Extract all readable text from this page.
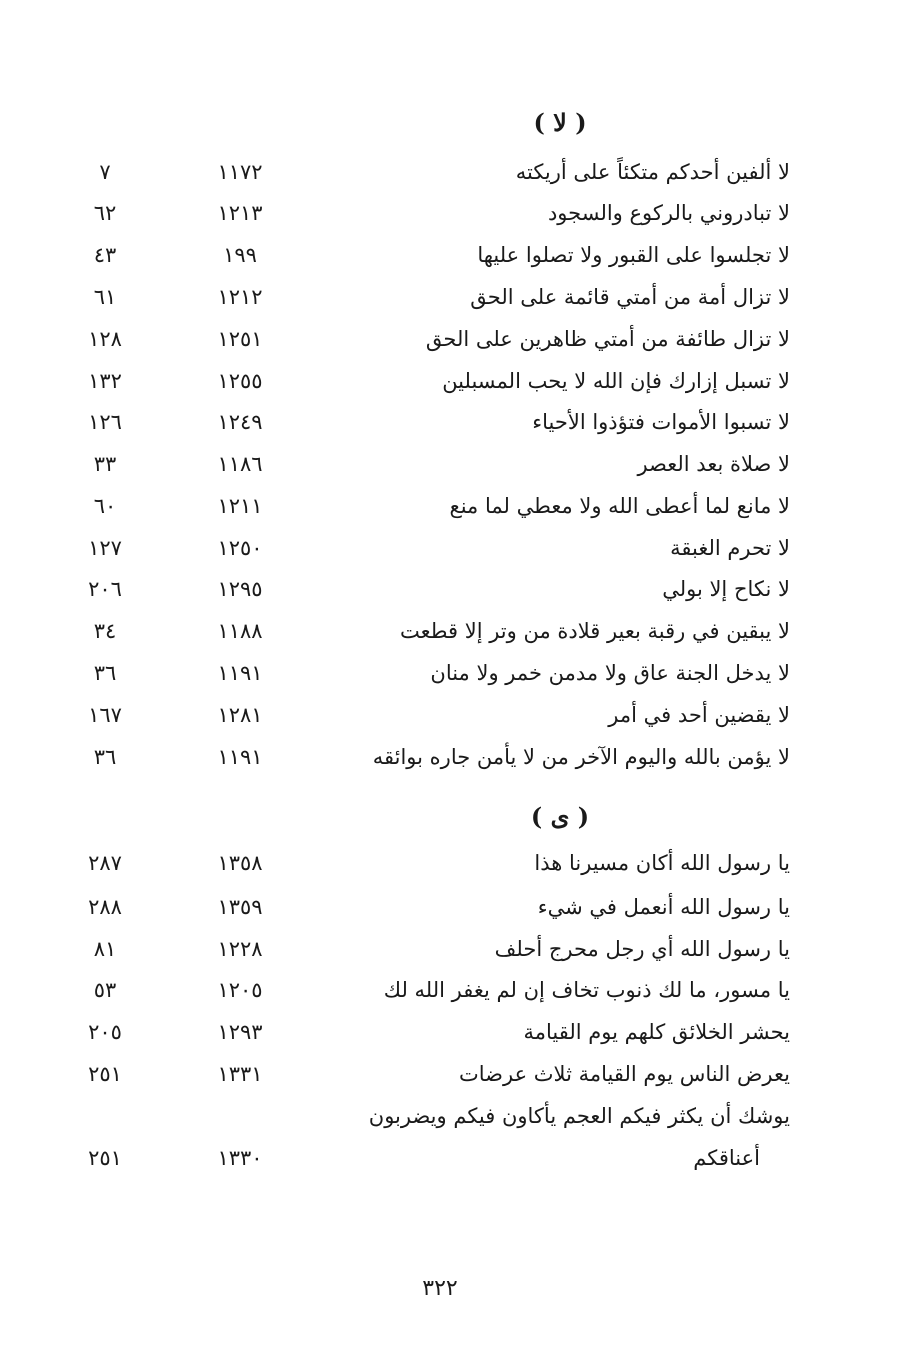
( لا )
لا ألفين أحدكم متكئاً على أريكته
١١٧٢
٧
لا تبادروني بالركوع والسجود
١٢١٣
٦٢
لا تجلسوا على القبور ولا تصلوا عليها
١٩٩
٤٣
لا تزال أمة من أمتي قائمة على الحق
١٢١٢
٦١
لا تزال طائفة من أمتي ظاهرين على الحق
١٢٥١
١٢٨
لا تسبل إزارك فإن الله لا يحب المسبلين
١٢٥٥
١٣٢
لا تسبوا الأموات فتؤذوا الأحياء
١٢٤٩
١٢٦
لا صلاة بعد العصر
١١٨٦
٣٣
لا مانع لما أعطى الله ولا معطي لما منع
١٢١١
٦٠
لا تحرم الغبقة
١٢٥٠
١٢٧
لا نكاح إلا بولي
١٢٩٥
٢٠٦
لا يبقين في رقبة بعير قلادة من وتر إلا قطعت
١١٨٨
٣٤
لا يدخل الجنة عاق ولا مدمن خمر ولا منان
١١٩١
٣٦
لا يقضين أحد في أمر
١٢٨١
١٦٧
لا يؤمن بالله واليوم الآخر من لا يأمن جاره بوائقه
١١٩١
٣٦
( ى )
يا رسول الله أكان مسيرنا هذا
١٣٥٨
٢٨٧
يا رسول الله أنعمل في شيء
١٣٥٩
٢٨٨
يا رسول الله أي رجل محرج أحلف
١٢٢٨
٨١
يا مسور، ما لك ذنوب تخاف إن لم يغفر الله لك
١٢٠٥
٥٣
يحشر الخلائق كلهم يوم القيامة
١٢٩٣
٢٠٥
يعرض الناس يوم القيامة ثلاث عرضات
١٣٣١
٢٥١
يوشك أن يكثر فيكم العجم يأكاون فيكم ويضربون
أعناقكم
١٣٣٠
٢٥١
٣٢٢
